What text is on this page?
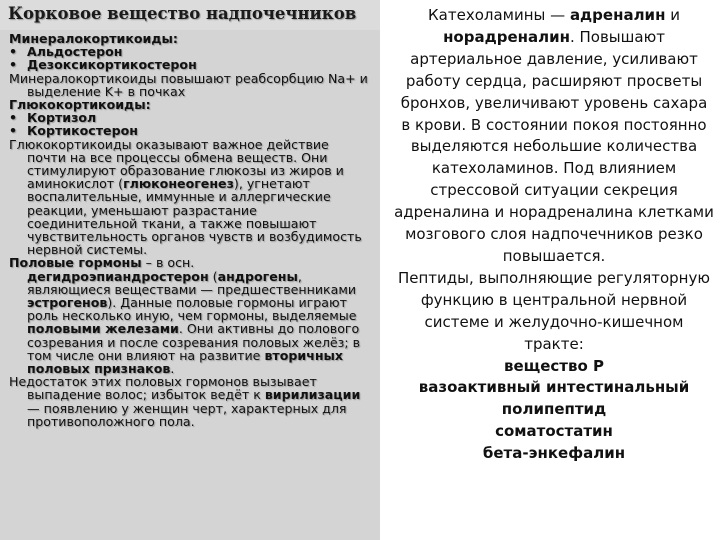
Корковое вещество надпочечников

Минералокортикоиды:

• Альдостерон

• Дезоксикортикостерон

Минералокортикоиды повышают реабсорбцию Na+ и выделение K+ в почках

Глюкокортикоиды:

• Кортизол

• Кортикостерон

Глюкокортикоиды оказывают важное действие почти на все процессы обмена веществ. Они стимулируют образование глюкозы из жиров и аминокислот (глюконеогенез), угнетают воспалительные, иммунные и аллергические реакции, уменьшают разрастание соединительной ткани, а также повышают чувствительность органов чувств и возбудимость нервной системы.

Половые гормоны – в осн. дегидроэпиандростерон (андрогены, являющиеся веществами — предшественниками эстрогенов). Данные половые гормоны играют роль несколько иную, чем гормоны, выделяемые половыми железами. Они активны до полового созревания и после созревания половых желёз; в том числе они влияют на развитие вторичных половых признаков.

Недостаток этих половых гормонов вызывает выпадение волос; избыток ведёт к вирилизации — появлению у женщин черт, характерных для противоположного пола.

Катехоламины — адреналин и норадреналин. Повышают артериальное давление, усиливают работу сердца, расширяют просветы бронхов, увеличивают уровень сахара в крови. В состоянии покоя постоянно выделяются небольшие количества катехоламинов. Под влиянием стрессовой ситуации секреция адреналина и норадреналина клетками мозгового слоя надпочечников резко повышается.

Пептиды, выполняющие регуляторную функцию в центральной нервной системе и желудочно-кишечном тракте:

вещество Р

вазоактивный интестинальный полипептид

соматостатин

бета-энкефалин
